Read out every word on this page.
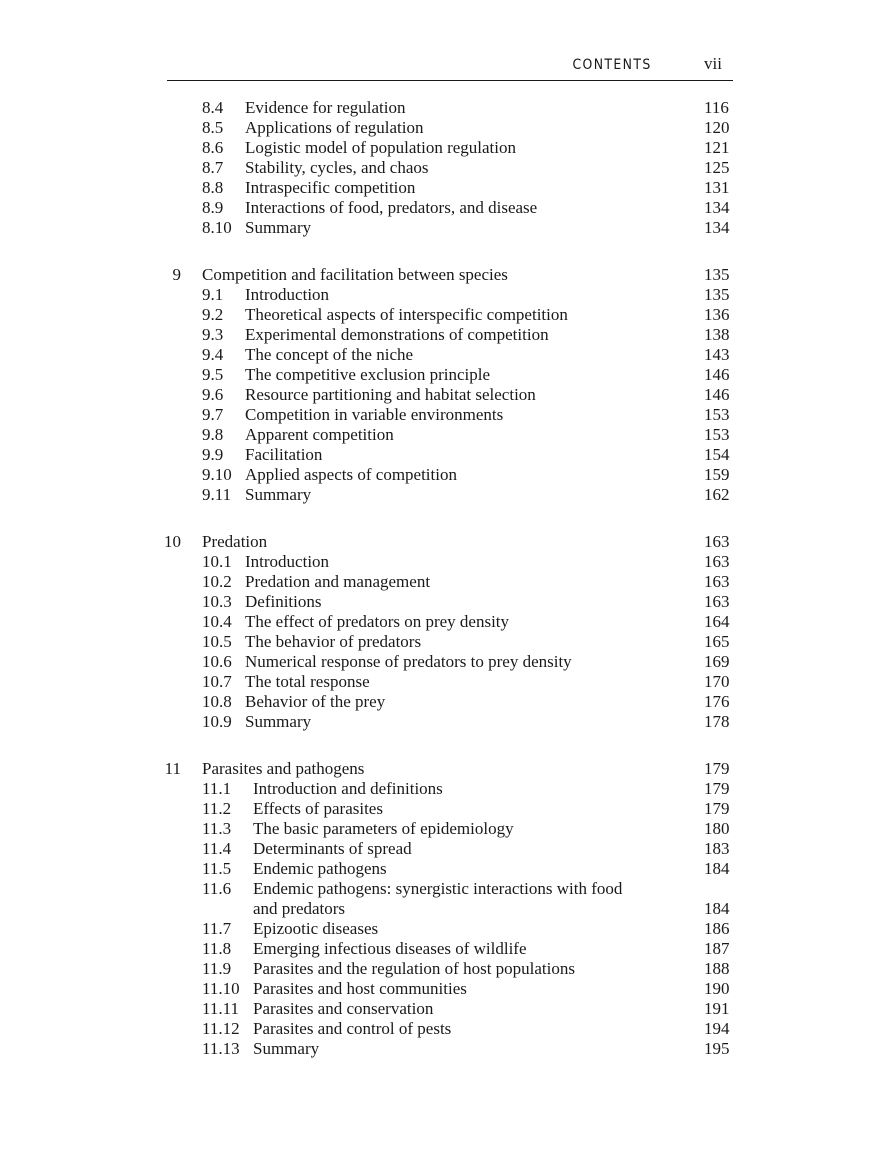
CONTENTS	vii
8.4 Evidence for regulation	116
8.5 Applications of regulation	120
8.6 Logistic model of population regulation	121
8.7 Stability, cycles, and chaos	125
8.8 Intraspecific competition	131
8.9 Interactions of food, predators, and disease	134
8.10 Summary	134
9 Competition and facilitation between species	135
9.1 Introduction	135
9.2 Theoretical aspects of interspecific competition	136
9.3 Experimental demonstrations of competition	138
9.4 The concept of the niche	143
9.5 The competitive exclusion principle	146
9.6 Resource partitioning and habitat selection	146
9.7 Competition in variable environments	153
9.8 Apparent competition	153
9.9 Facilitation	154
9.10 Applied aspects of competition	159
9.11 Summary	162
10 Predation	163
10.1 Introduction	163
10.2 Predation and management	163
10.3 Definitions	163
10.4 The effect of predators on prey density	164
10.5 The behavior of predators	165
10.6 Numerical response of predators to prey density	169
10.7 The total response	170
10.8 Behavior of the prey	176
10.9 Summary	178
11 Parasites and pathogens	179
11.1 Introduction and definitions	179
11.2 Effects of parasites	179
11.3 The basic parameters of epidemiology	180
11.4 Determinants of spread	183
11.5 Endemic pathogens	184
11.6 Endemic pathogens: synergistic interactions with food
and predators	184
11.7 Epizootic diseases	186
11.8 Emerging infectious diseases of wildlife	187
11.9 Parasites and the regulation of host populations	188
11.10 Parasites and host communities	190
11.11 Parasites and conservation	191
11.12 Parasites and control of pests	194
11.13 Summary	195
